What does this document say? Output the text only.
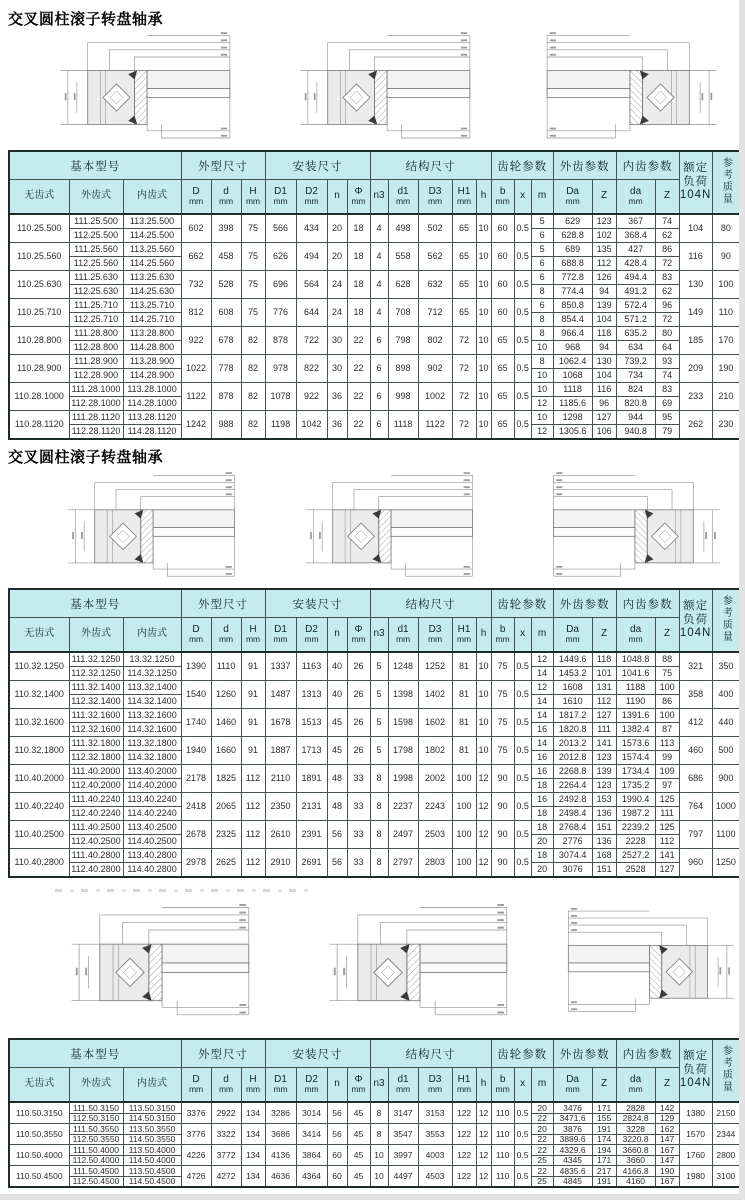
交叉圆柱滚子转盘轴承
基本型号			外型尺寸			安装尺寸				结构尺寸					齿轮参数			外齿参数		内齿参数		额定
负荷
104N	参考质量

无齿式	外齿式	内齿式	D
mm

d
mm

H
mm

D1
mm

D2
mm

n	Φ
mm

n3	d1
mm

D3
mm

H1
mm

h	b
mm

x	m	Da
mm

Z	da
mm

Z

110.25.500	111.25.500	113.25.500	602	398	75	566	434	20	18	4	498	502	65	10	60	0.5	5	629	123	367	74	104	80
	112.25.500	114.25.500															6	628.8	102	368.4	62		
110.25.560	111.25.560	113.25.560	662	458	75	626	494	20	18	4	558	562	65	10	60	0.5	5	689	135	427	86	116	90
	112.25.560	114.25.560															6	688.8	112	428.4	72		
110.25.630	111.25.630	113.25.630	732	528	75	696	564	24	18	4	628	632	65	10	60	0.5	6	772.8	126	494.4	83	130	100
	112.25.630	114.25.630															8	774.4	94	491.2	62		
110.25.710	111.25.710	113.25.710	812	608	75	776	644	24	18	4	708	712	65	10	60	0.5	6	850.8	139	572.4	96	149	110
	112.25.710	114.25.710															8	854.4	104	571.2	72		
110.28.800	111.28.800	113.28.800	922	678	82	878	722	30	22	6	798	802	72	10	65	0.5	8	966.4	118	635.2	80	185	170
	112.28.800	114.28.800															10	968	94	634	64		
110.28.900	111.28.900	113.28.900	1022	778	82	978	822	30	22	6	898	902	72	10	65	0.5	8	1062.4	130	739.2	93	209	190
	112.28.900	114.28.900															10	1068	104	734	74		
110.28.1000	111.28.1000	113.28.1000	1122	878	82	1078	922	36	22	6	998	1002	72	10	65	0.5	10	1118	116	824	83	233	210
	112.28.1000	114.28.1000															12	1185.6	96	820.8	69		
110.28.1120	111.28.1120	113.28.1120	1242	988	82	1198	1042	36	22	6	1118	1122	72	10	65	0.5	10	1298	127	944	95	262	230
	112.28.1120	114.28.1120															12	1305.6	106	940.8	79		
交叉圆柱滚子转盘轴承
基本型号			外型尺寸			安装尺寸				结构尺寸					齿轮参数			外齿参数		内齿参数		额定
负荷
104N	参考质量

无齿式	外齿式	内齿式	D
mm

d
mm

H
mm

D1
mm

D2
mm

n	Φ
mm

n3	d1
mm

D3
mm

H1
mm

h	b
mm

x	m	Da
mm

Z	da
mm

Z

110.32.1250	111.32.1250	13.32.1250	1390	1110	91	1337	1163	40	26	5	1248	1252	81	10	75	0.5	12	1449.6	118	1048.8	88	321	350
	112.32.1250	114.32.1250															14	1453.2	101	1041.6	75		
110.32.1400	111.32.1400	113.32.1400	1540	1260	91	1487	1313	40	26	5	1398	1402	81	10	75	0.5	12	1608	131	1188	100	358	400
	112.32.1400	114.32.1400															14	1610	112	1190	86		
110.32.1600	111.32.1600	113.32.1600	1740	1460	91	1678	1513	45	26	5	1598	1602	81	10	75	0.5	14	1817.2	127	1391.6	100	412	440
	112.32.1600	114.32.1600															16	1820.8	111	1382.4	87		
110.32.1800	111.32.1800	113.32.1800	1940	1660	91	1887	1713	45	26	5	1798	1802	81	10	75	0.5	14	2013.2	141	1573.6	113	460	500
	112.32.1800	114.32.1800															16	2012.8	123	1574.4	99		
110.40.2000	111.40.2000	113.40.2000	2178	1825	112	2110	1891	48	33	8	1998	2002	100	12	90	0.5	16	2268.8	139	1734.4	109	686	900
	112.40.2000	114.40.2000															18	2264.4	123	1735.2	97		
110.40.2240	111.40.2240	113.40.2240	2418	2065	112	2350	2131	48	33	8	2237	2243	100	12	90	0.5	16	2492.8	153	1990.4	125	764	1000
	112.40.2240	114.40.2240															18	2498.4	136	1987.2	111		
110.40.2500	111.40.2500	113.40.2500	2678	2325	112	2610	2391	56	33	8	2497	2503	100	12	90	0.5	18	2768.4	151	2239.2	125	797	1100
	112.40.2500	114.40.2500															20	2776	136	2228	112		
110.40.2800	111.40.2800	113.40.2800	2978	2625	112	2910	2691	56	33	8	2797	2803	100	12	90	0.5	18	3074.4	168	2527.2	141	960	1250
	112.40.2800	114.40.2800															20	3076	151	2528	127		
基本型号			外型尺寸			安装尺寸				结构尺寸					齿轮参数			外齿参数		内齿参数		额定
负荷
104N	参考质量

无齿式	外齿式	内齿式	D
mm

d
mm

H
mm

D1
mm

D2
mm

n	Φ
mm

n3	d1
mm

D3
mm

H1
mm

h	b
mm

x	m	Da
mm

Z	da
mm

Z

110.50.3150	111.50.3150	113.50.3150	3376	2922	134	3286	3014	56	45	8	3147	3153	122	12	110	0.5	20	3476	171	2828	142	1380	2150
	112.50.3150	114.50.3150															22	3471.6	155	2824.8	129		
110.50.3550	111.50.3550	113.50.3550	3776	3322	134	3686	3414	56	45	8	3547	3553	122	12	110	0.5	20	3876	191	3228	162	1570	2344
	112.50.3550	114.50.3550															22	3889.6	174	3220.8	147		
110.50.4000	111.50.4000	113.50.4000	4226	3772	134	4136	3864	60	45	10	3997	4003	122	12	110	0.5	22	4329.6	194	3660.8	167	1760	2800
	112.50.4000	114.50.4000															25	4345	171	3660	147		
110.50.4500	111.50.4500	113.50.4500	4726	4272	134	4636	4364	60	45	10	4497	4503	122	12	110	0.5	22	4835.6	217	4166.8	190	1980	3100
	112.50.4500	114.50.4500															25	4845	191	4160	167		
